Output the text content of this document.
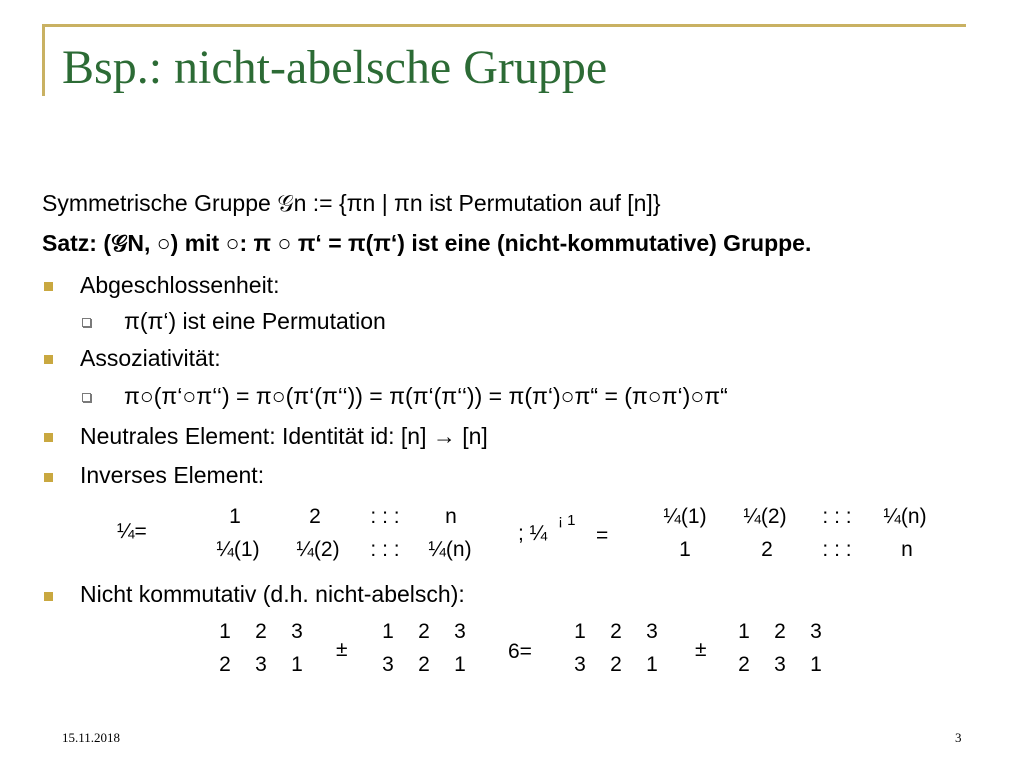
Bsp.: nicht-abelsche Gruppe
Symmetrische Gruppe 𝒢n := {πn | πn ist Permutation auf [n]}
Satz: (𝒢N, ○) mit ○: π ○ π‘ = π(π‘) ist eine (nicht-kommutative) Gruppe.
Abgeschlossenheit:
π(π‘) ist eine Permutation
Assoziativität:
π○(π‘○π‘‘) = π○(π‘(π‘‘)) = π(π‘(π‘‘)) = π(π‘)○π“ = (π○π‘)○π“
Neutrales Element: Identität id: [n] → [n]
Inverses Element:
¼=
1	2	: : :	n
¼(1)	¼(2)	: : :	¼(n)
; ¼
¡ 1
=
¼(1)	¼(2)	: : :	¼(n)
1	2	: : :	n
Nicht kommutativ (d.h. nicht-abelsch):
1	2	3
2	3	1
±
1	2	3
3	2	1
6=
1	2	3
3	2	1
±
1	2	3
2	3	1
15.11.2018	3
